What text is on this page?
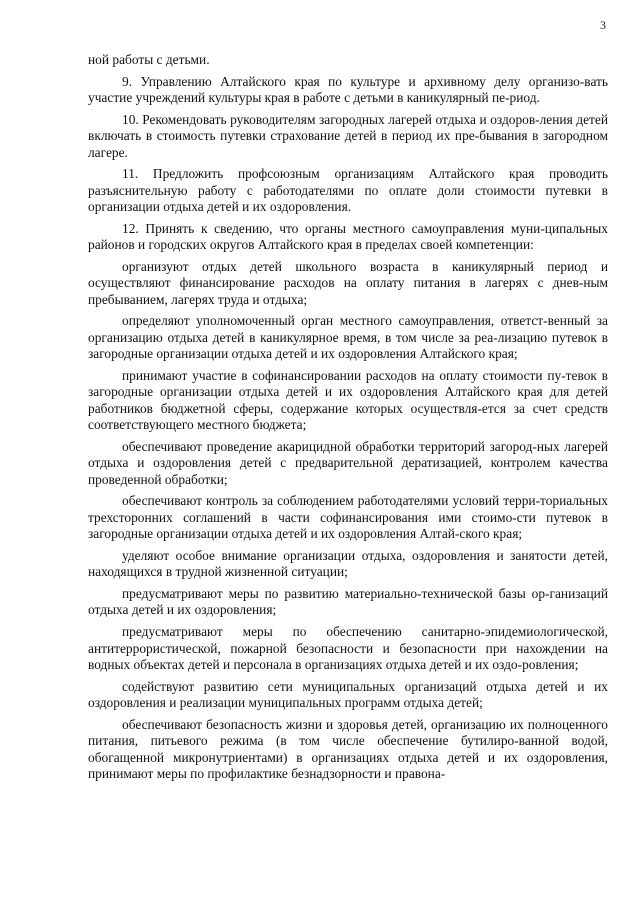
3

ной работы с детьми.

9. Управлению Алтайского края по культуре и архивному делу организо-вать участие учреждений культуры края в работе с детьми в каникулярный пе-риод.

10. Рекомендовать руководителям загородных лагерей отдыха и оздоров-ления детей включать в стоимость путевки страхование детей в период их пре-бывания в загородном лагере.

11. Предложить профсоюзным организациям Алтайского края проводить разъяснительную работу с работодателями по оплате доли стоимости путевки в организации отдыха детей и их оздоровления.

12. Принять к сведению, что органы местного самоуправления муни-ципальных районов и городских округов Алтайского края в пределах своей компетенции:

организуют отдых детей школьного возраста в каникулярный период и осуществляют финансирование расходов на оплату питания в лагерях с днев-ным пребыванием, лагерях труда и отдыха;

определяют уполномоченный орган местного самоуправления, ответст-венный за организацию отдыха детей в каникулярное время, в том числе за реа-лизацию путевок в загородные организации отдыха детей и их оздоровления Алтайского края;

принимают участие в софинансировании расходов на оплату стоимости пу-тевок в загородные организации отдыха детей и их оздоровления Алтайского края для детей работников бюджетной сферы, содержание которых осуществля-ется за счет средств соответствующего местного бюджета;

обеспечивают проведение акарицидной обработки территорий загород-ных лагерей отдыха и оздоровления детей с предварительной дератизацией, контролем качества проведенной обработки;

обеспечивают контроль за соблюдением работодателями условий терри-ториальных трехсторонних соглашений в части софинансирования ими стоимо-сти путевок в загородные организации отдыха детей и их оздоровления Алтай-ского края;

уделяют особое внимание организации отдыха, оздоровления и занятости детей, находящихся в трудной жизненной ситуации;

предусматривают меры по развитию материально-технической базы ор-ганизаций отдыха детей и их оздоровления;

предусматривают меры по обеспечению санитарно-эпидемиологической, антитеррористической, пожарной безопасности и безопасности при нахождении на водных объектах детей и персонала в организациях отдыха детей и их оздо-ровления;

содействуют развитию сети муниципальных организаций отдыха детей и их оздоровления и реализации муниципальных программ отдыха детей;

обеспечивают безопасность жизни и здоровья детей, организацию их полноценного питания, питьевого режима (в том числе обеспечение бутилиро-ванной водой, обогащенной микронутриентами) в организациях отдыха детей и их оздоровления, принимают меры по профилактике безнадзорности и правона-
